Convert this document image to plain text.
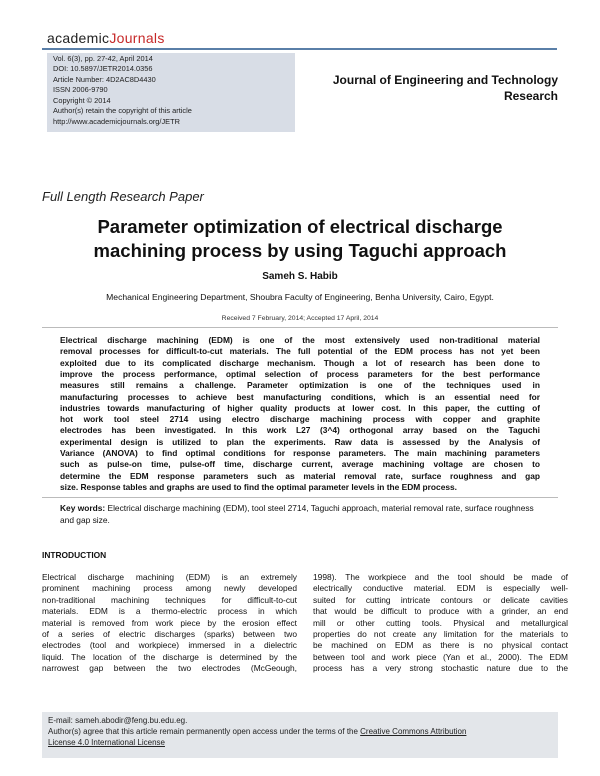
academicJournals
Vol. 6(3), pp. 27-42, April 2014
DOI: 10.5897/JETR2014.0356
Article Number: 4D2AC8D4430
ISSN 2006-9790
Copyright © 2014
Author(s) retain the copyright of this article
http://www.academicjournals.org/JETR
Journal of Engineering and Technology
Research
Full Length Research Paper
Parameter optimization of electrical discharge
machining process by using Taguchi approach
Sameh S. Habib
Mechanical Engineering Department, Shoubra Faculty of Engineering, Benha University, Cairo, Egypt.
Received 7 February, 2014; Accepted 17 April, 2014
Electrical discharge machining (EDM) is one of the most extensively used non-traditional material
removal processes for difficult-to-cut materials. The full potential of the EDM process has not yet been
exploited due to its complicated discharge mechanism. Though a lot of research has been done to
improve the process performance, optimal selection of process parameters for the best performance
measures still remains a challenge. Parameter optimization is one of the techniques used in
manufacturing processes to achieve best manufacturing conditions, which is an essential need for
industries towards manufacturing of higher quality products at lower cost. In this paper, the cutting of
hot work tool steel 2714 using electro discharge machining process with copper and graphite
electrodes has been investigated. In this work L27 (3^4) orthogonal array based on the Taguchi
experimental design is utilized to plan the experiments. Raw data is assessed by the Analysis of
Variance (ANOVA) to find optimal conditions for response parameters. The main machining parameters
such as pulse-on time, pulse-off time, discharge current, average machining voltage are chosen to
determine the EDM response parameters such as material removal rate, surface roughness and gap
size. Response tables and graphs are used to find the optimal parameter levels in the EDM process.
Key words: Electrical discharge machining (EDM), tool steel 2714, Taguchi approach, material removal rate, surface roughness and gap size.
INTRODUCTION
Electrical discharge machining (EDM) is an extremely
prominent machining process among newly developed
non-traditional machining techniques for difficult-to-cut
materials. EDM is a thermo-electric process in which
material is removed from work piece by the erosion effect
of a series of electric discharges (sparks) between two
electrodes (tool and workpiece) immersed in a dielectric
liquid. The location of the discharge is determined by the
narrowest gap between the two electrodes (McGeough,
1998). The workpiece and the tool should be made of
electrically conductive material. EDM is especially well-
suited for cutting intricate contours or delicate cavities
that would be difficult to produce with a grinder, an end
mill or other cutting tools. Physical and metallurgical
properties do not create any limitation for the materials to
be machined on EDM as there is no physical contact
between tool and work piece (Yan et al., 2000). The EDM
process has a very strong stochastic nature due to the
E-mail: sameh.abodir@feng.bu.edu.eg.
Author(s) agree that this article remain permanently open access under the terms of the Creative Commons Attribution
License 4.0 International License
